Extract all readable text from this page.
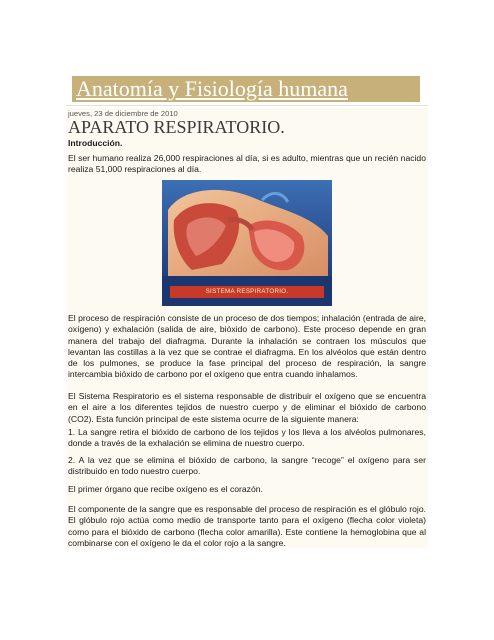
Anatomía y Fisiología humana
jueves, 23 de diciembre de 2010
APARATO RESPIRATORIO.
Introducción.

El ser humano realiza 26,000 respiraciones al día, si es adulto, mientras que un recién nacido realiza 51,000 respiraciones al día.

SISTEMA RESPIRATORIO.

El proceso de respiración consiste de un proceso de dos tiempos; inhalación (entrada de aire, oxígeno) y exhalación (salida de aire, bióxido de carbono). Este proceso depende en gran manera del trabajo del diafragma. Durante la inhalación se contraen los músculos que levantan las costillas a la vez que se contrae el diafragma. En los alvéolos que están dentro de los pulmones, se produce la fase principal del proceso de respiración, la sangre intercambia bióxido de carbono por el oxígeno que entra cuando inhalamos.

El Sistema Respiratorio es el sistema responsable de distribuir el oxígeno que se encuentra en el aire a los diferentes tejidos de nuestro cuerpo y de eliminar el bióxido de carbono (CO2). Esta función principal de este sistema ocurre de la siguiente manera:

1. La sangre retira el bióxido de carbono de los tejidos y los lleva a los alvéolos pulmonares, donde a través de la exhalación se elimina de nuestro cuerpo.

2. A la vez que se elimina el bióxido de carbono, la sangre “recoge” el oxígeno para ser distribuido en todo nuestro cuerpo.

El primer órgano que recibe oxígeno es el corazón.

El componente de la sangre que es responsable del proceso de respiración es el glóbulo rojo. El glóbulo rojo actúa como medio de transporte tanto para el oxígeno (flecha color violeta) como para el bióxido de carbono (flecha color amarilla). Este contiene la hemoglobina que al combinarse con el oxígeno le da el color rojo a la sangre.
